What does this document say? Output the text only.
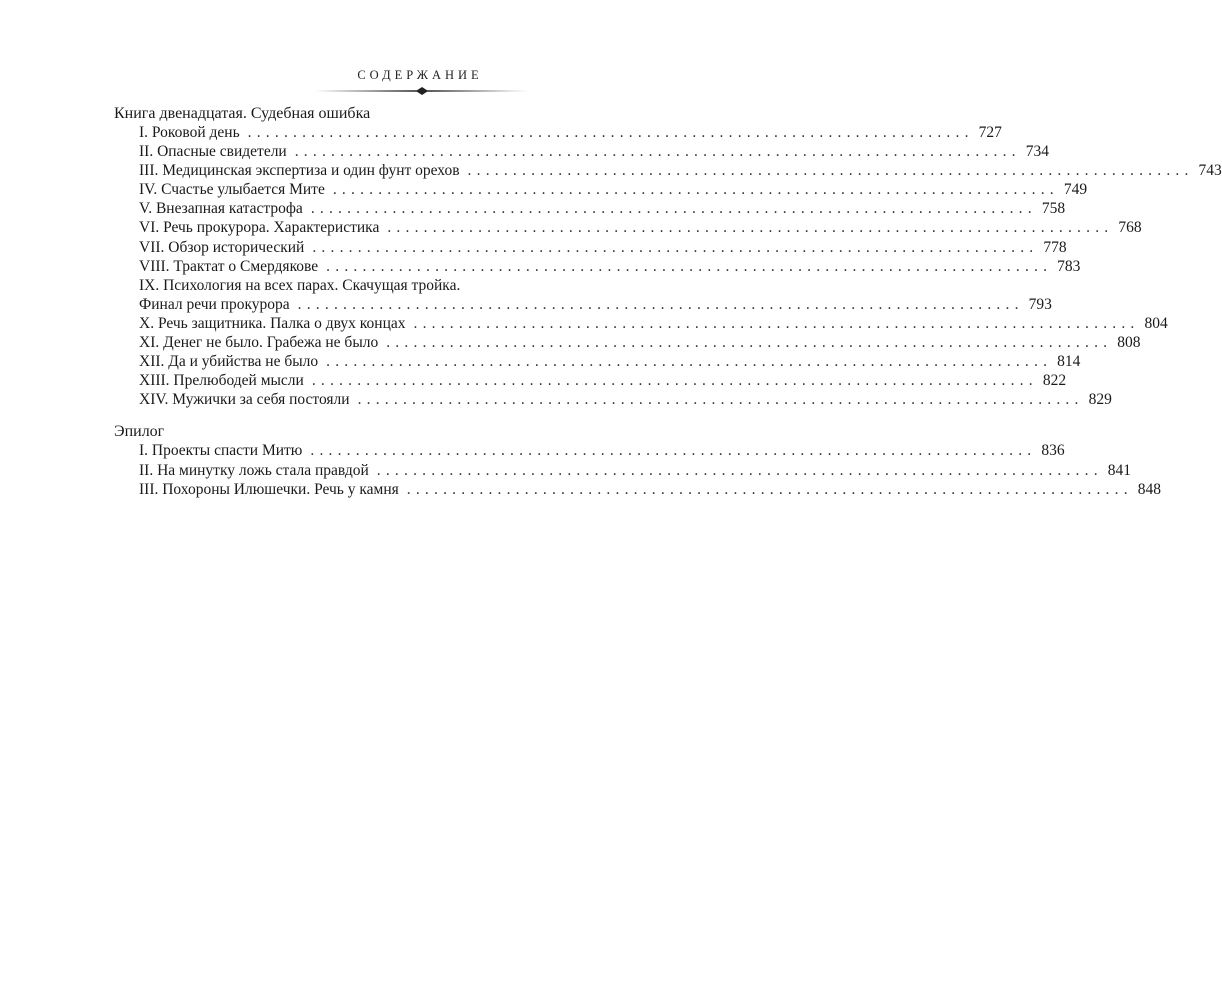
СОДЕРЖАНИЕ
Книга двенадцатая. Судебная ошибка
I. Роковой день ................................................................................ 727
II. Опасные свидетели ................................................................................ 734
III. Медицинская экспертиза и один фунт орехов ................................................................................ 743
IV. Счастье улыбается Мите ................................................................................ 749
V. Внезапная катастрофа ................................................................................ 758
VI. Речь прокурора. Характеристика ................................................................................ 768
VII. Обзор исторический ................................................................................ 778
VIII. Трактат о Смердякове ................................................................................ 783
IX. Психология на всех парах. Скачущая тройка.
Финал речи прокурора ................................................................................ 793
X. Речь защитника. Палка о двух концах ................................................................................ 804
XI. Денег не было. Грабежа не было ................................................................................ 808
XII. Да и убийства не было ................................................................................ 814
XIII. Прелюбодей мысли ................................................................................ 822
XIV. Мужички за себя постояли ................................................................................ 829
Эпилог
I. Проекты спасти Митю ................................................................................ 836
II. На минутку ложь стала правдой ................................................................................ 841
III. Похороны Илюшечки. Речь у камня ................................................................................ 848
